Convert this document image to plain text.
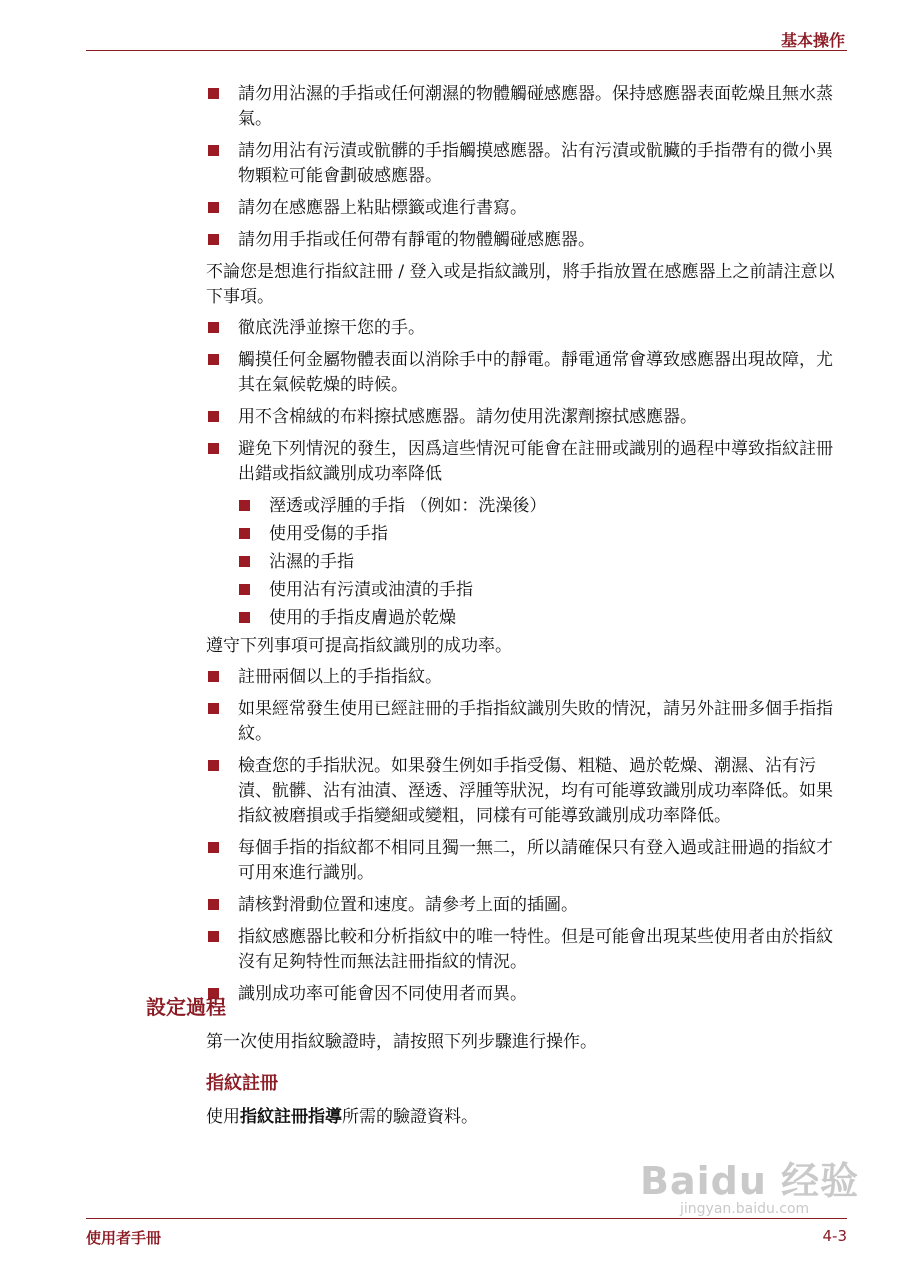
基本操作
請勿用沾濕的手指或任何潮濕的物體觸碰感應器。保持感應器表面乾燥且無水蒸氣。
請勿用沾有污漬或骯髒的手指觸摸感應器。沾有污漬或骯臟的手指帶有的微小異物顆粒可能會劃破感應器。
請勿在感應器上粘貼標籤或進行書寫。
請勿用手指或任何帶有靜電的物體觸碰感應器。
不論您是想進行指紋註冊 / 登入或是指紋識別，將手指放置在感應器上之前請注意以下事項。
徹底洗淨並擦干您的手。
觸摸任何金屬物體表面以消除手中的靜電。靜電通常會導致感應器出現故障，尤其在氣候乾燥的時候。
用不含棉絨的布料擦拭感應器。請勿使用洗潔劑擦拭感應器。
避免下列情況的發生，因爲這些情況可能會在註冊或識別的過程中導致指紋註冊出錯或指紋識別成功率降低
溼透或浮腫的手指 （例如：洗澡後）
使用受傷的手指
沾濕的手指
使用沾有污漬或油漬的手指
使用的手指皮膚過於乾燥
遵守下列事項可提高指紋識別的成功率。
註冊兩個以上的手指指紋。
如果經常發生使用已經註冊的手指指紋識別失敗的情況，請另外註冊多個手指指紋。
檢查您的手指狀況。如果發生例如手指受傷、粗糙、過於乾燥、潮濕、沾有污漬、骯髒、沾有油漬、溼透、浮腫等狀況，均有可能導致識別成功率降低。如果指紋被磨損或手指變細或變粗，同樣有可能導致識別成功率降低。
每個手指的指紋都不相同且獨一無二，所以請確保只有登入過或註冊過的指紋才可用來進行識別。
請核對滑動位置和速度。請參考上面的插圖。
指紋感應器比較和分析指紋中的唯一特性。但是可能會出現某些使用者由於指紋沒有足夠特性而無法註冊指紋的情況。
識別成功率可能會因不同使用者而異。
設定過程
第一次使用指紋驗證時，請按照下列步驟進行操作。
指紋註冊
使用指紋註冊指導所需的驗證資料。
Baidu 经验
jingyan.baidu.com
使用者手冊	4-3
